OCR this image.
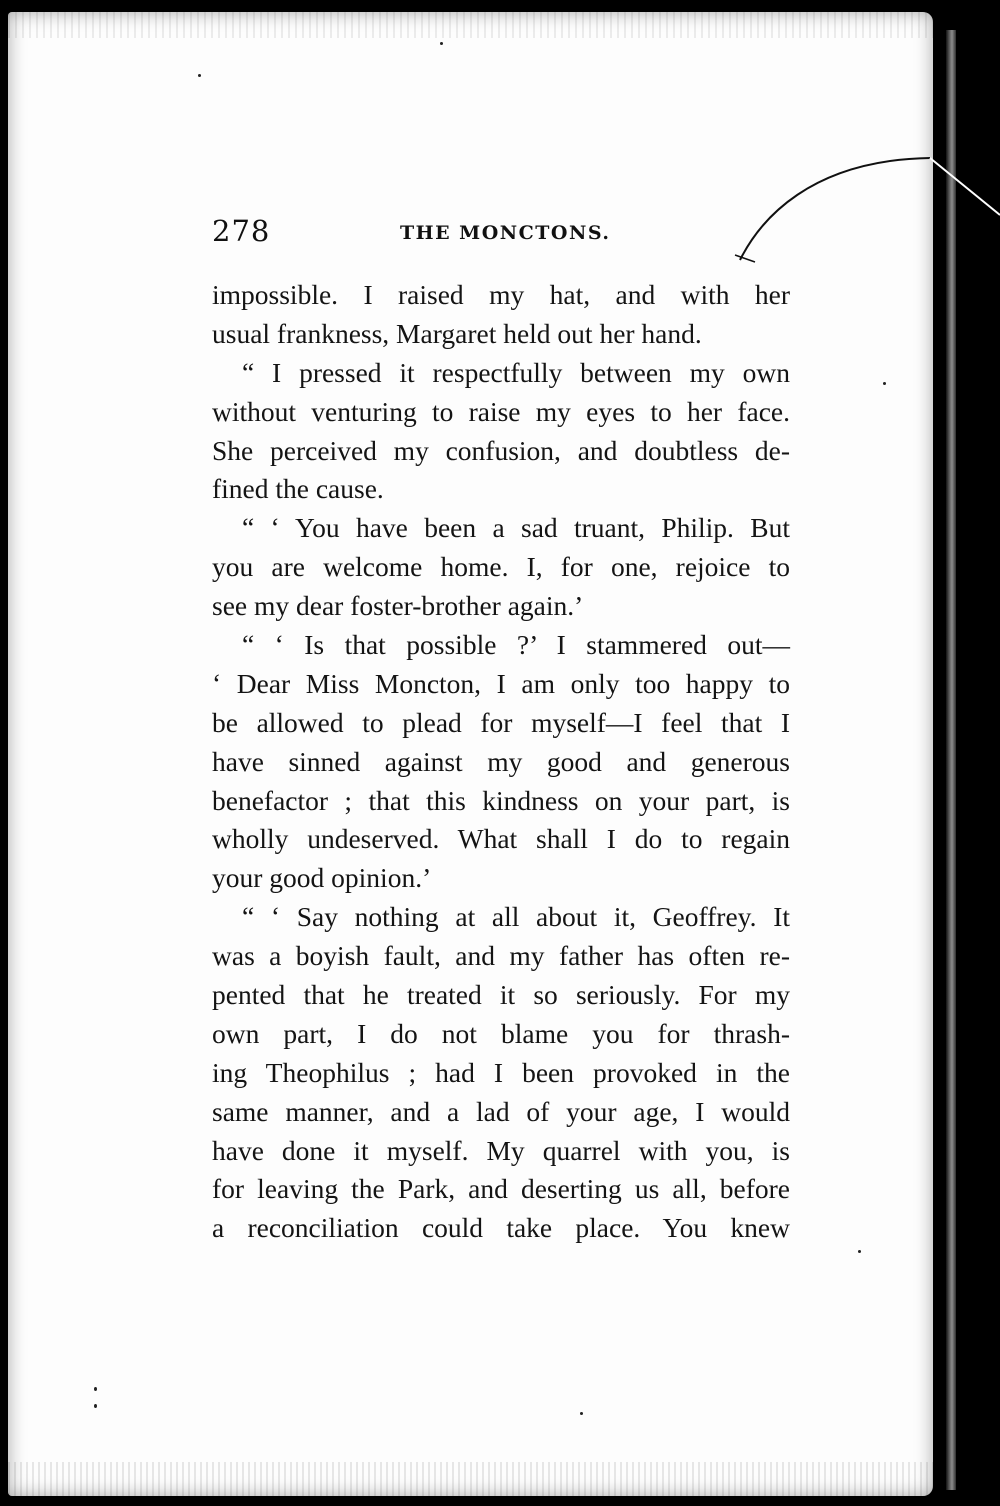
278	THE MONCTONS.
impossible. I raised my hat, and with her
usual frankness, Margaret held out her hand.
“ I pressed it respectfully between my own
without venturing to raise my eyes to her face.
She perceived my confusion, and doubtless de-
fined the cause.
“ ‘ You have been a sad truant, Philip. But
you are welcome home. I, for one, rejoice to
see my dear foster-brother again.’
“ ‘ Is that possible ?’ I stammered out—
‘ Dear Miss Moncton, I am only too happy to
be allowed to plead for myself—I feel that I
have sinned against my good and generous
benefactor ; that this kindness on your part, is
wholly undeserved. What shall I do to regain
your good opinion.’
“ ‘ Say nothing at all about it, Geoffrey. It
was a boyish fault, and my father has often re-
pented that he treated it so seriously. For my
own part, I do not blame you for thrash-
ing Theophilus ; had I been provoked in the
same manner, and a lad of your age, I would
have done it myself. My quarrel with you, is
for leaving the Park, and deserting us all, before
a reconciliation could take place. You knew
